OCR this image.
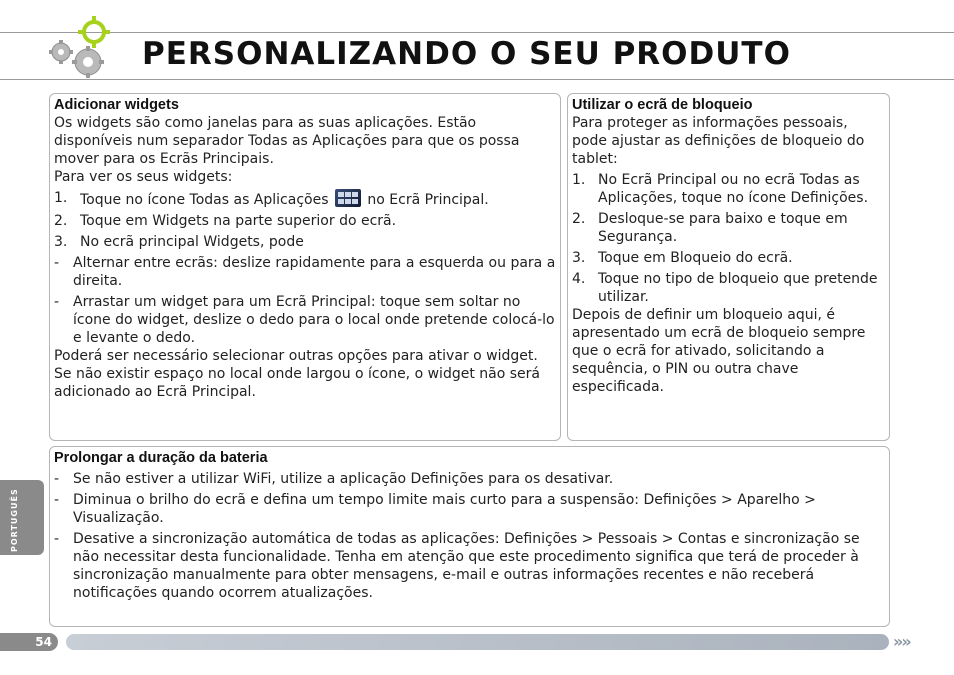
PERSONALIZANDO O SEU PRODUTO
Adicionar widgets

Os widgets são como janelas para as suas aplicações. Estão disponíveis num separador Todas as Aplicações para que os possa mover para os Ecrãs Principais.

Para ver os seus widgets:

1. Toque no ícone Todas as Aplicações	no Ecrã Principal.
2. Toque em Widgets na parte superior do ecrã.
3. No ecrã principal Widgets, pode
- Alternar entre ecrãs: deslize rapidamente para a esquerda ou para a direita.
- Arrastar um widget para um Ecrã Principal: toque sem soltar no ícone do widget, deslize o dedo para o local onde pretende colocá-lo e levante o dedo.

Poderá ser necessário selecionar outras opções para ativar o widget.

Se não existir espaço no local onde largou o ícone, o widget não será adicionado ao Ecrã Principal.

Utilizar o ecrã de bloqueio

Para proteger as informações pessoais, pode ajustar as definições de bloqueio do tablet:

1. No Ecrã Principal ou no ecrã Todas as Aplicações, toque no ícone Definições.
2. Desloque-se para baixo e toque em Segurança.
3. Toque em Bloqueio do ecrã.
4. Toque no tipo de bloqueio que pretende utilizar.

Depois de definir um bloqueio aqui, é apresentado um ecrã de bloqueio sempre que o ecrã for ativado, solicitando a sequência, o PIN ou outra chave especificada.

Prolongar a duração da bateria
- Se não estiver a utilizar WiFi, utilize a aplicação Definições para os desativar.
- Diminua o brilho do ecrã e defina um tempo limite mais curto para a suspensão: Definições > Aparelho > Visualização.
- Desative a sincronização automática de todas as aplicações: Definições > Pessoais > Contas e sincronização se não necessitar desta funcionalidade. Tenha em atenção que este procedimento significa que terá de proceder à sincronização manualmente para obter mensagens, e-mail e outras informações recentes e não receberá notificações quando ocorrem atualizações.
PORTUGUÊS
54	»»
